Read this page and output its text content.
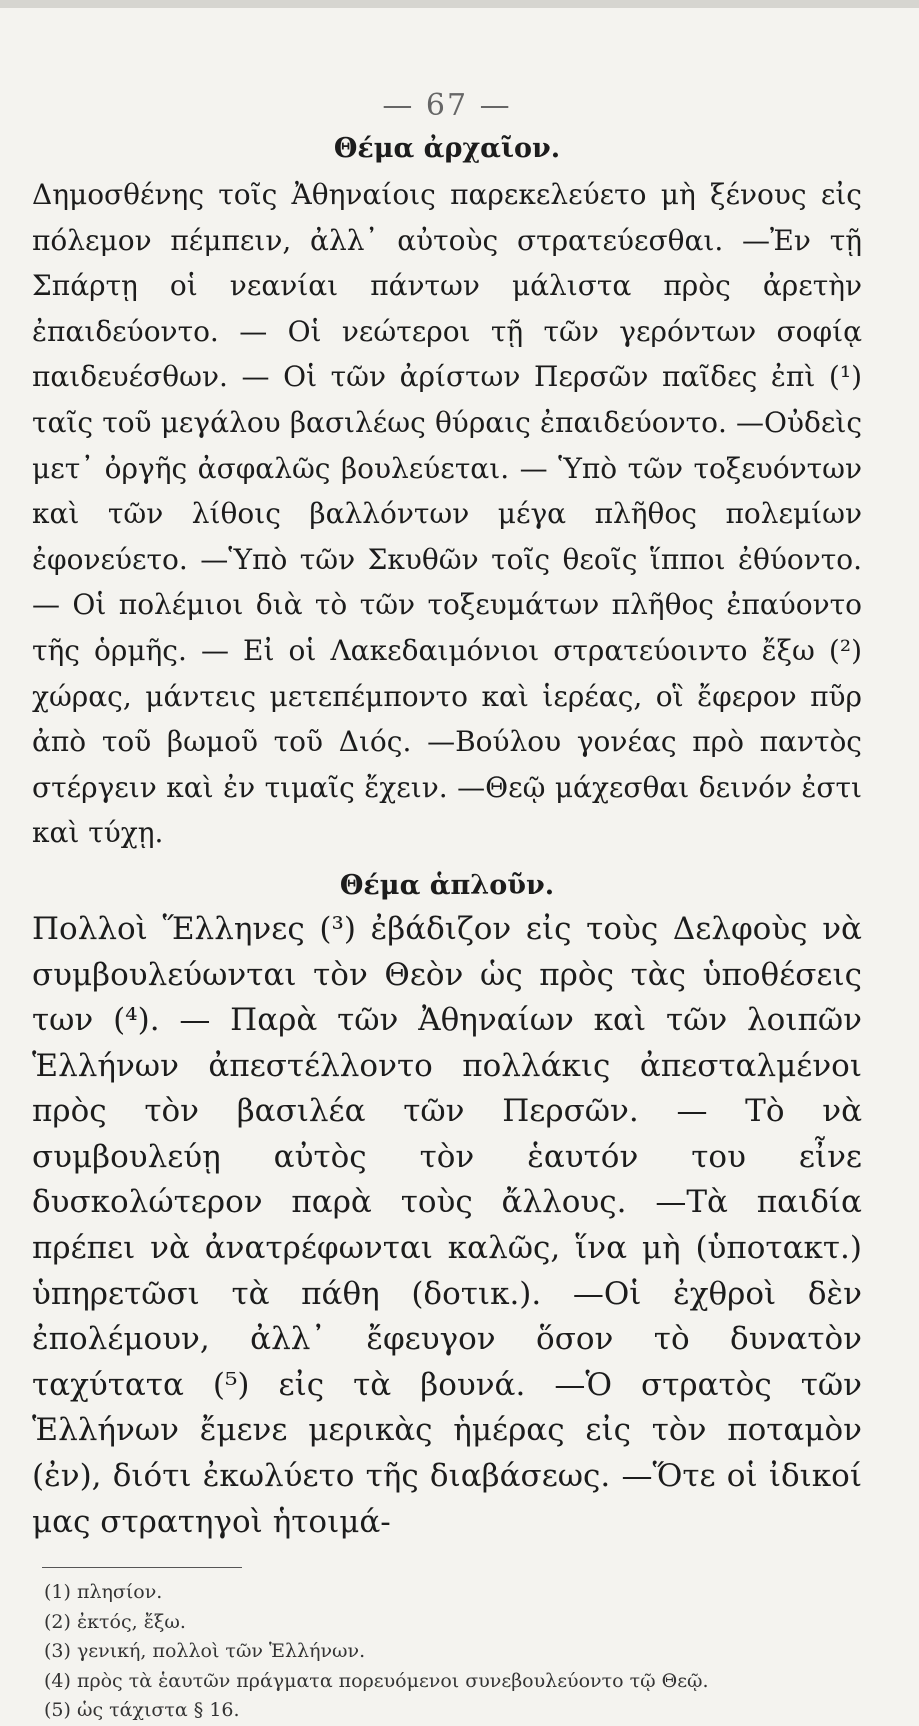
— 67 —
Θέμα ἀρχαῖον.

Δημοσθένης τοῖς Ἀθηναίοις παρεκελεύετο μὴ ξένους εἰς πόλεμον πέμπειν, ἀλλ᾿ αὐτοὺς στρατεύεσθαι. —Ἐν τῇ Σπάρτῃ οἱ νεανίαι πάντων μάλιστα πρὸς ἀρετὴν ἐπαιδεύοντο. — Οἱ νεώτεροι τῇ τῶν γερόντων σοφίᾳ παιδευέσθων. — Οἱ τῶν ἀρίστων Περσῶν παῖδες ἐπὶ (¹) ταῖς τοῦ μεγάλου βασιλέως θύραις ἐπαιδεύοντο. —Οὐδεὶς μετ᾿ ὀργῆς ἀσφαλῶς βουλεύεται. — Ὑπὸ τῶν τοξευόντων καὶ τῶν λίθοις βαλλόντων μέγα πλῆθος πολεμίων ἐφονεύετο. —Ὑπὸ τῶν Σκυθῶν τοῖς θεοῖς ἵπποι ἐθύοντο. — Οἱ πολέμιοι διὰ τὸ τῶν τοξευμάτων πλῆθος ἐπαύοντο τῆς ὁρμῆς. — Εἰ οἱ Λακεδαιμόνιοι στρατεύοιντο ἔξω (²) χώρας, μάντεις μετεπέμποντο καὶ ἱερέας, οἳ ἔφερον πῦρ ἀπὸ τοῦ βωμοῦ τοῦ Διός. —Βούλου γονέας πρὸ παντὸς στέργειν καὶ ἐν τιμαῖς ἔχειν. —Θεῷ μάχεσθαι δεινόν ἐστι καὶ τύχῃ.

Θέμα ἁπλοῦν.

Πολλοὶ Ἕλληνες (³) ἐβάδιζον εἰς τοὺς Δελφοὺς νὰ συμβουλεύωνται τὸν Θεὸν ὡς πρὸς τὰς ὑποθέσεις των (⁴). — Παρὰ τῶν Ἀθηναίων καὶ τῶν λοιπῶν Ἑλλήνων ἀπεστέλλοντο πολλάκις ἀπεσταλμένοι πρὸς τὸν βασιλέα τῶν Περσῶν. — Τὸ νὰ συμβουλεύῃ αὐτὸς τὸν ἑαυτόν του εἶνε δυσκολώτερον παρὰ τοὺς ἄλλους. —Τὰ παιδία πρέπει νὰ ἀνατρέφωνται καλῶς, ἵνα μὴ (ὑποτακτ.) ὑπηρετῶσι τὰ πάθη (δοτικ.). —Οἱ ἐχθροὶ δὲν ἐπολέμουν, ἀλλ᾿ ἔφευγον ὅσον τὸ δυνατὸν ταχύτατα (⁵) εἰς τὰ βουνά. —Ὁ στρατὸς τῶν Ἑλλήνων ἔμενε μερικὰς ἡμέρας εἰς τὸν ποταμὸν (ἐν), διότι ἐκωλύετο τῆς διαβάσεως. —Ὅτε οἱ ἰδικοί μας στρατηγοὶ ἡτοιμά-

(1) πλησίον.
(2) ἐκτός, ἔξω.
(3) γενική, πολλοὶ τῶν Ἑλλήνων.
(4) πρὸς τὰ ἑαυτῶν πράγματα πορευόμενοι συνεβουλεύοντο τῷ Θεῷ.
(5) ὡς τάχιστα § 16.
